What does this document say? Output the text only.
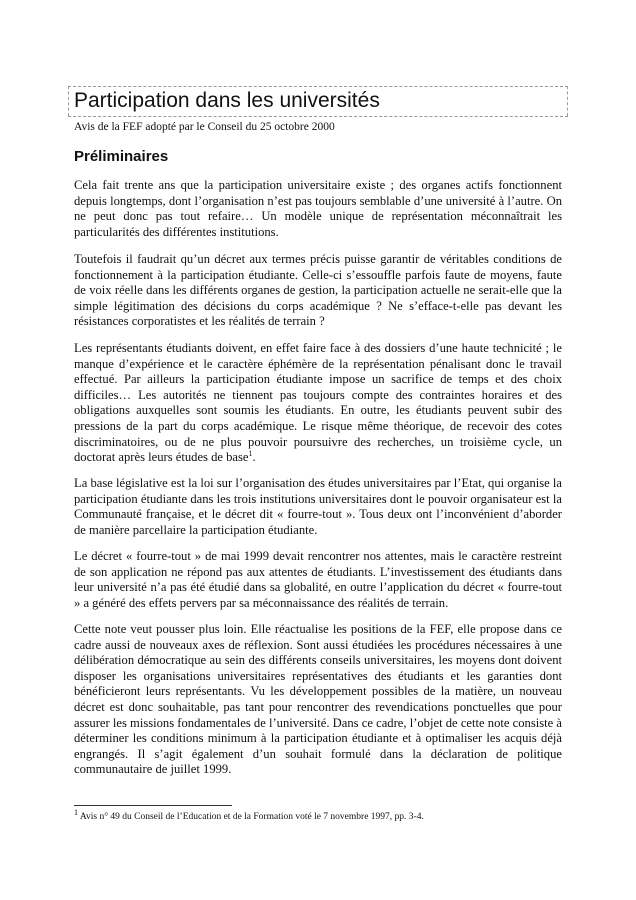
Participation dans les universités
Avis de la FEF adopté par le Conseil du 25 octobre 2000
Préliminaires

Cela fait trente ans que la participation universitaire existe ; des organes actifs fonctionnent depuis longtemps, dont l’organisation n’est pas toujours semblable d’une université à l’autre. On ne peut donc pas tout refaire… Un modèle unique de représentation méconnaîtrait les particularités des différentes institutions.

Toutefois il faudrait qu’un décret aux termes précis puisse garantir de véritables conditions de fonctionnement à la participation étudiante. Celle-ci s’essouffle parfois faute de moyens, faute de voix réelle dans les différents organes de gestion, la participation actuelle ne serait-elle que la simple légitimation des décisions du corps académique ? Ne s’efface-t-elle pas devant les résistances corporatistes et les réalités de terrain ?

Les représentants étudiants doivent, en effet faire face à des dossiers d’une haute technicité ; le manque d’expérience et le caractère éphémère de la représentation pénalisant donc le travail effectué. Par ailleurs la participation étudiante impose un sacrifice de temps et des choix difficiles… Les autorités ne tiennent pas toujours compte des contraintes horaires et des obligations auxquelles sont soumis les étudiants. En outre, les étudiants peuvent subir des pressions de la part du corps académique. Le risque même théorique, de recevoir des cotes discriminatoires, ou de ne plus pouvoir poursuivre des recherches, un troisième cycle, un doctorat après leurs études de base$^1$.

La base législative est la loi sur l’organisation des études universitaires par l’Etat, qui organise la participation étudiante dans les trois institutions universitaires dont le pouvoir organisateur est la Communauté française, et le décret dit « fourre-tout ». Tous deux ont l’inconvénient d’aborder de manière parcellaire la participation étudiante.

Le décret « fourre-tout » de mai 1999 devait rencontrer nos attentes, mais le caractère restreint de son application ne répond pas aux attentes de étudiants. L’investissement des étudiants dans leur université n’a pas été étudié dans sa globalité, en outre l’application du décret « fourre-tout » a généré des effets pervers par sa méconnaissance des réalités de terrain.

Cette note veut pousser plus loin. Elle réactualise les positions de la FEF, elle propose dans ce cadre aussi de nouveaux axes de réflexion. Sont aussi étudiées les procédures nécessaires à une délibération démocratique au sein des différents conseils universitaires, les moyens dont doivent disposer les organisations universitaires représentatives des étudiants et les garanties dont bénéficieront leurs représentants. Vu les développement possibles de la matière, un nouveau décret est donc souhaitable, pas tant pour rencontrer des revendications ponctuelles que pour assurer les missions fondamentales de l’université. Dans ce cadre, l’objet de cette note consiste à déterminer les conditions minimum à la participation étudiante et à optimaliser les acquis déjà engrangés. Il s’agit également d’un souhait formulé dans la déclaration de politique communautaire de juillet 1999.

$^1$ Avis n° 49 du Conseil de l’Education et de la Formation voté le 7 novembre 1997, pp. 3-4.
